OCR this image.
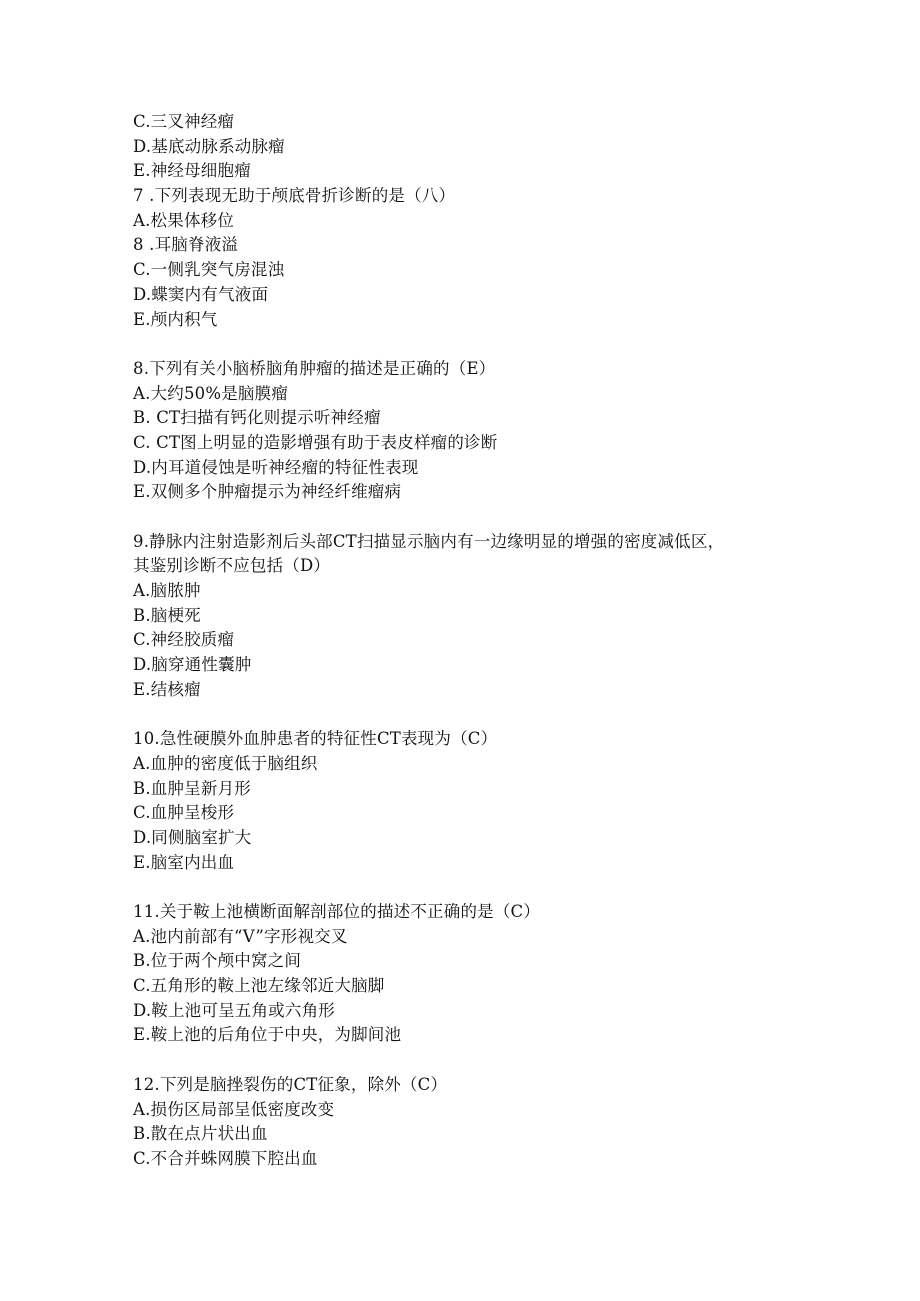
C.三叉神经瘤
D.基底动脉系动脉瘤
E.神经母细胞瘤
7 .下列表现无助于颅底骨折诊断的是（八）
A.松果体移位
8 .耳脑脊液溢
C.一侧乳突气房混浊
D.蝶窦内有气液面
E.颅内积气
8.下列有关小脑桥脑角肿瘤的描述是正确的（E）
A.大约50%是脑膜瘤
B. CT扫描有钙化则提示听神经瘤
C. CT图上明显的造影增强有助于表皮样瘤的诊断
D.内耳道侵蚀是听神经瘤的特征性表现
E.双侧多个肿瘤提示为神经纤维瘤病
9.静脉内注射造影剂后头部CT扫描显示脑内有一边缘明显的增强的密度减低区，
其鉴别诊断不应包括（D）
A.脑脓肿
B.脑梗死
C.神经胶质瘤
D.脑穿通性囊肿
E.结核瘤
10.急性硬膜外血肿患者的特征性CT表现为（C）
A.血肿的密度低于脑组织
B.血肿呈新月形
C.血肿呈梭形
D.同侧脑室扩大
E.脑室内出血
11.关于鞍上池横断面解剖部位的描述不正确的是（C）
A.池内前部有“V”字形视交叉
B.位于两个颅中窝之间
C.五角形的鞍上池左缘邻近大脑脚
D.鞍上池可呈五角或六角形
E.鞍上池的后角位于中央，为脚间池
12.下列是脑挫裂伤的CT征象，除外（C）
A.损伤区局部呈低密度改变
B.散在点片状出血
C.不合并蛛网膜下腔出血
